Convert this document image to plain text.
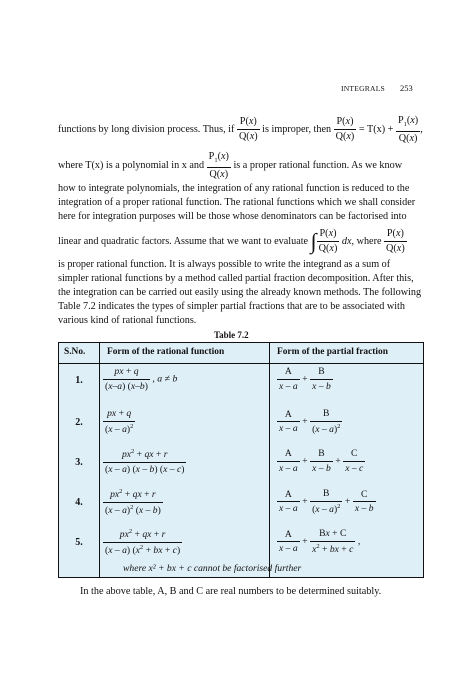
INTEGRALS 253
functions by long division process. Thus, if $\frac{P(x)}{Q(x)}$ is improper, then $\frac{P(x)}{Q(x)} = T(x) + \frac{P_1(x)}{Q(x)}$ ,
where T(x) is a polynomial in x and $\frac{P_1(x)}{Q(x)}$ is a proper rational function. As we know
how to integrate polynomials, the integration of any rational function is reduced to the
integration of a proper rational function. The rational functions which we shall consider
here for integration purposes will be those whose denominators can be factorised into
linear and quadratic factors. Assume that we want to evaluate ∫ $\frac{P(x)}{Q(x)}$ dx, where $\frac{P(x)}{Q(x)}$
is proper rational function. It is always possible to write the integrand as a sum of
simpler rational functions by a method called partial fraction decomposition. After this,
the integration can be carried out easily using the already known methods. The following
Table 7.2 indicates the types of simpler partial fractions that are to be associated with
various kind of rational functions.
Table 7.2
S.No. Form of the rational function	Form of the partial fraction
1.	$\frac{px + q}{(x-a) (x-b)}$ , a ≠ b	$\frac{A}{x - a} + \frac{B}{x - b}$
2.	$\frac{px + q}{(x - a)^2}$	$\frac{A}{x - a} + \frac{B}{(x - a)^2}$
3.	$\frac{px^2 + qx + r}{(x - a) (x - b) (x - c)}$	$\frac{A}{x - a} + \frac{B}{x - b} + \frac{C}{x - c}$
4.	$\frac{px^2 + qx + r}{(x - a)^2 (x - b)}$	$\frac{A}{x - a} + \frac{B}{(x - a)^2} + \frac{C}{x - b}$
5.	$\frac{px^2 + qx + r}{(x - a) (x^2 + bx + c)}$	$\frac{A}{x - a} + \frac{Bx + C}{x^2 + bx + c}$ ,
where x² + bx + c cannot be factorised further
In the above table, A, B and C are real numbers to be determined suitably.
